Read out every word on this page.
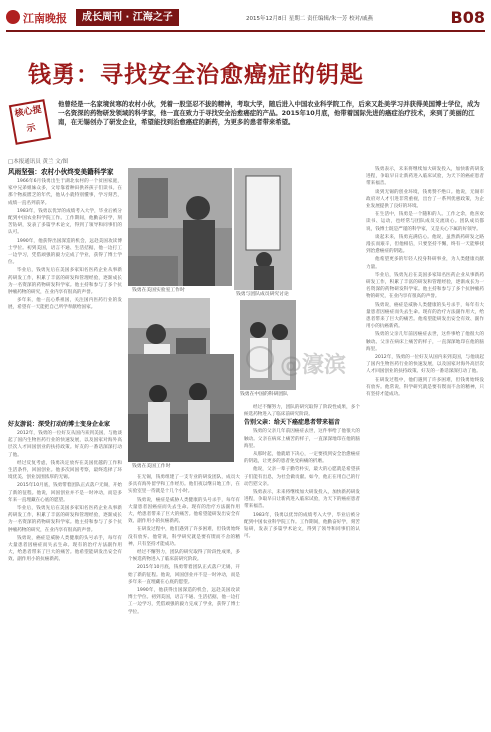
江南晚报	成长周刊 · 江海之子	2015年12月8日 星期二 责任编辑/朱一芳 校对/戚燕	B08
钱勇：寻找安全治愈癌症的钥匙
核心提示
他曾经是一名家境贫寒的农村小伙，凭着一股坚忍不拔的精神，考取大学，随后进入中国农业科学院工作，后来又赴美学习并获得美国博士学位，成为一名资深的药物研发领域的科学家，他一直在致力于寻找安全治愈癌症的产品。2015年10月底，他带着国际先进的癌症治疗技术，来到了美丽的江南，在无锡创办了研发企业，希望能找到治愈癌症的新药，为更多的患者带来希望。
□本报通讯员 黄兰 文/图

风雨坚强：农村小伙终变美籍科学家

1966年6月钱勇出生于湖北农村的一个贫困家庭，家中兄弟姐妹众多，父母靠着种田供养孩子们读书。在那个物质匮乏的年代，他从小就特别懂事，学习刻苦，成绩一直名列前茅。

1983年，钱勇以优异的成绩考入大学，毕业后被分配到中国农业科学院工作。工作期间，他勤奋好学，刻苦钻研，发表了多篇学术论文，得到了领导和同事们的认可。

1990年，他获得出国深造的机会，远赴美国攻读博士学位。初到美国，语言不通、生活拮据，他一边打工一边学习，凭借顽强的毅力完成了学业，获得了博士学位。

毕业后，钱勇先后在美国多家知名医药企业从事新药研发工作，积累了丰富的研发和管理经验，逐渐成长为一名资深的药物研发科学家。他主持和参与了多个抗肿瘤药物的研究，在业内享有很高的声誉。

多年来，他一直心系祖国，关注国内医药行业的发展，希望有一天能把自己所学奉献给国家。

好友游说：深受打动的博士变身企业家

2012年，钱勇的一位好友从国内来到美国，与他谈起了国内生物医药行业的快速发展，以及国家对海外高层次人才回国创业的扶持政策。好友的一番话深深打动了他。

经过反复考虑，钱勇决定放弃在美国优越的工作和生活条件，回国创业。他多次回国考察，最终选择了环境优美、创业氛围浓厚的无锡。

2015年10月底，钱勇带着团队正式落户无锡，开始了新的征程。他说，回国创业并不是一时冲动，而是多年来一直埋藏在心底的愿望。

毕业后，钱勇先后在美国多家知名医药企业从事新药研发工作，积累了丰富的研发和管理经验，逐渐成长为一名资深的药物研发科学家。他主持和参与了多个抗肿瘤药物的研究，在业内享有很高的声誉。

钱勇说，癌症是威胁人类健康的头号杀手，每年有大量患者因癌症而失去生命。现有的治疗方法副作用大，给患者带来了巨大的痛苦。他希望能研发出安全有效、副作用小的抗癌新药。

钱勇在美国实验室工作时
钱勇与团队成员研究讨论
钱勇在美国工作时
钱勇在中国的科研团队
@濠滨

在无锡，钱勇组建了一支专业的研发团队，成员大多具有海外留学和工作经历。他们夜以继日地工作，在实验室里一待就是十几个小时。

钱勇说，癌症是威胁人类健康的头号杀手，每年有大量患者因癌症而失去生命。现有的治疗方法副作用大，给患者带来了巨大的痛苦。他希望能研发出安全有效、副作用小的抗癌新药。

在研发过程中，他们遇到了许多困难，但钱勇始终没有放弃。他常说，科学研究就是要有锲而不舍的精神，只有坚持才能成功。

经过不懈努力，团队的研究取得了阶段性成果，多个候选药物进入了临床前研究阶段。

2015年10月底，钱勇带着团队正式落户无锡，开始了新的征程。他说，回国创业并不是一时冲动，而是多年来一直埋藏在心底的愿望。

1990年，他获得出国深造的机会，远赴美国攻读博士学位。初到美国，语言不通、生活拮据，他一边打工一边学习，凭借顽强的毅力完成了学业，获得了博士学位。

经过不懈努力，团队的研究取得了阶段性成果，多个候选药物进入了临床前研究阶段。

告别父亲：给天下癌症患者带来福音

钱勇的父亲几年前因癌症去世，这件事给了他很大的触动。父亲在病床上痛苦的样子，一直深深地印在他的脑海里。

从那时起，他就暗下决心，一定要找到安全治愈癌症的钥匙，让更多的患者免受病痛的折磨。

他说，父亲一辈子勤劳朴实，最大的心愿就是希望孩子们能有出息，为社会做贡献。如今，他正在用自己的行动告慰父亲。

钱勇表示，未来将继续加大研发投入，加快新药研发进程，争取早日让新药进入临床试验，为天下的癌症患者带来福音。

1983年，钱勇以优异的成绩考入大学，毕业后被分配到中国农业科学院工作。工作期间，他勤奋好学，刻苦钻研，发表了多篇学术论文，得到了领导和同事们的认可。

钱勇表示，未来将继续加大研发投入，加快新药研发进程，争取早日让新药进入临床试验，为天下的癌症患者带来福音。

谈到无锡的创业环境，钱勇赞不绝口。他说，无锡市政府对人才引进非常重视，出台了一系列优惠政策，为企业发展提供了良好的环境。

在生活中，钱勇是一个随和的人。工作之余，他喜欢读书、运动，也经常与团队成员交流谈心。团队成员都说，钱博士既是严谨的科学家，又是关心下属的好领导。

谈起未来，钱勇充满信心。他说，虽然新药研发之路漫长而艰辛，但他相信，只要坚持不懈，终有一天能够找到治愈癌症的钥匙。

他希望更多的年轻人投身科研事业，为人类健康贡献力量。

毕业后，钱勇先后在美国多家知名医药企业从事新药研发工作，积累了丰富的研发和管理经验，逐渐成长为一名资深的药物研发科学家。他主持和参与了多个抗肿瘤药物的研究，在业内享有很高的声誉。

钱勇说，癌症是威胁人类健康的头号杀手，每年有大量患者因癌症而失去生命。现有的治疗方法副作用大，给患者带来了巨大的痛苦。他希望能研发出安全有效、副作用小的抗癌新药。

钱勇的父亲几年前因癌症去世，这件事给了他很大的触动。父亲在病床上痛苦的样子，一直深深地印在他的脑海里。

2012年，钱勇的一位好友从国内来到美国，与他谈起了国内生物医药行业的快速发展，以及国家对海外高层次人才回国创业的扶持政策。好友的一番话深深打动了他。

在研发过程中，他们遇到了许多困难，但钱勇始终没有放弃。他常说，科学研究就是要有锲而不舍的精神，只有坚持才能成功。
